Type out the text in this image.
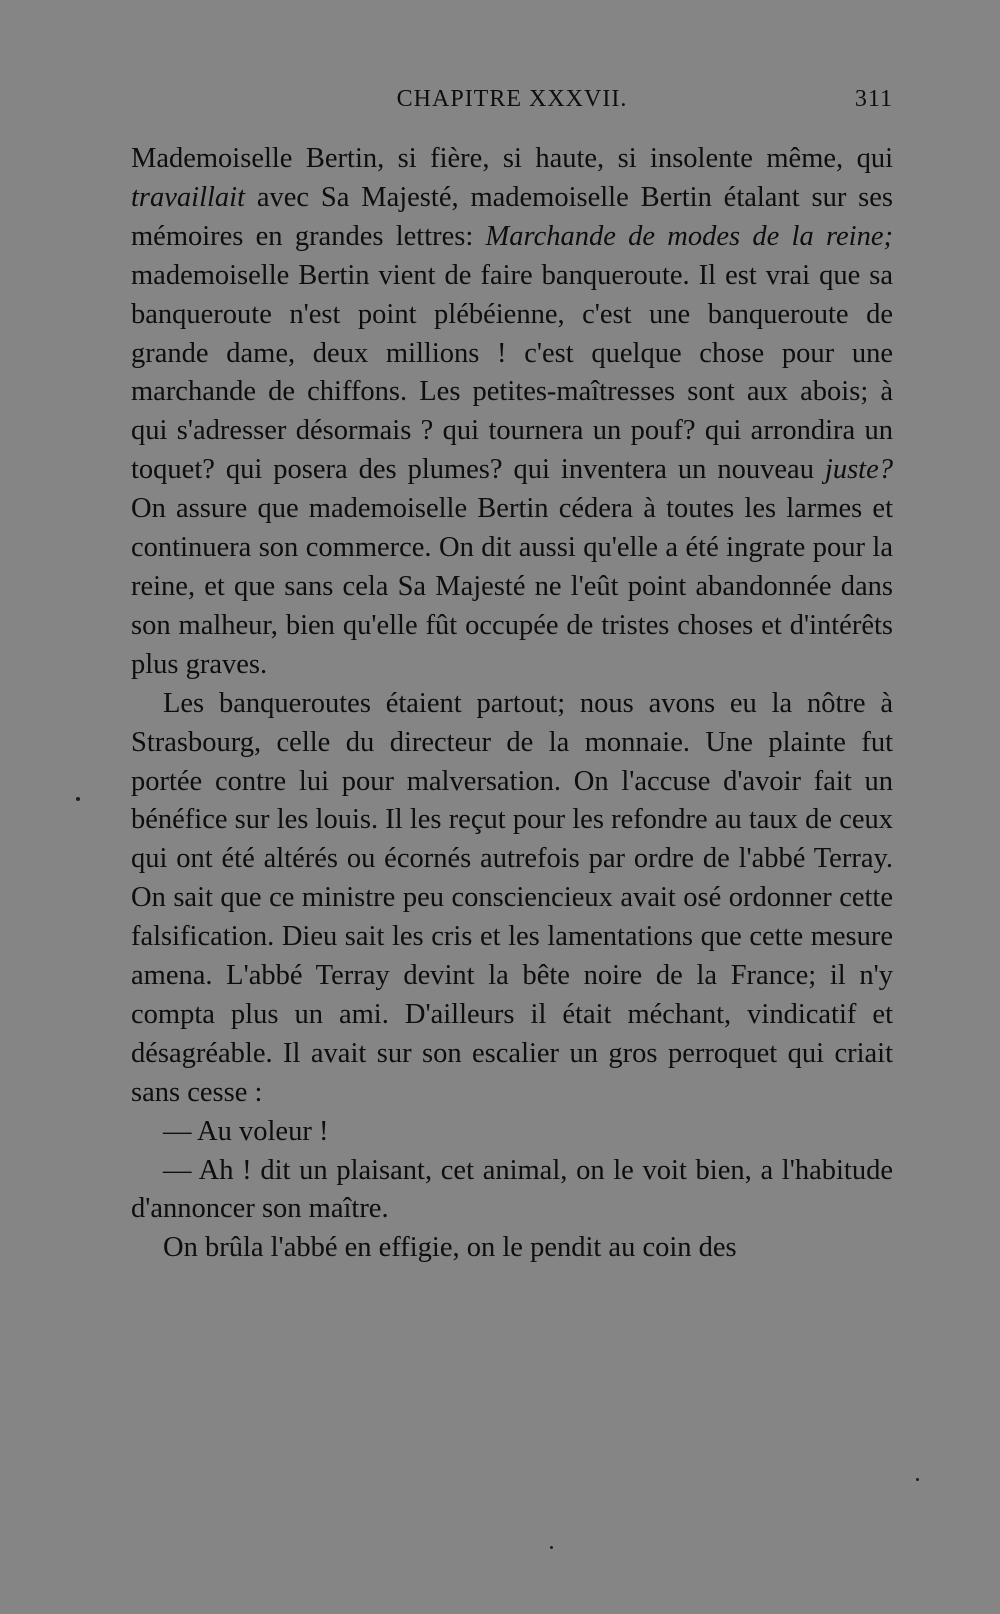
CHAPITRE XXXVII.	311

Mademoiselle Bertin, si fière, si haute, si insolente même, qui travaillait avec Sa Majesté, mademoiselle Bertin étalant sur ses mémoires en grandes lettres: Marchande de modes de la reine; mademoiselle Bertin vient de faire banqueroute. Il est vrai que sa banqueroute n'est point plébéienne, c'est une banqueroute de grande dame, deux millions ! c'est quelque chose pour une marchande de chiffons. Les petites-maîtresses sont aux abois; à qui s'adresser désormais ? qui tournera un pouf? qui arrondira un toquet? qui posera des plumes? qui inventera un nouveau juste? On assure que mademoiselle Bertin cédera à toutes les larmes et continuera son commerce. On dit aussi qu'elle a été ingrate pour la reine, et que sans cela Sa Majesté ne l'eût point abandonnée dans son malheur, bien qu'elle fût occupée de tristes choses et d'intérêts plus graves.

Les banqueroutes étaient partout; nous avons eu la nôtre à Strasbourg, celle du directeur de la monnaie. Une plainte fut portée contre lui pour malversation. On l'accuse d'avoir fait un bénéfice sur les louis. Il les reçut pour les refondre au taux de ceux qui ont été altérés ou écornés autrefois par ordre de l'abbé Terray. On sait que ce ministre peu consciencieux avait osé ordonner cette falsification. Dieu sait les cris et les lamentations que cette mesure amena. L'abbé Terray devint la bête noire de la France; il n'y compta plus un ami. D'ailleurs il était méchant, vindicatif et désagréable. Il avait sur son escalier un gros perroquet qui criait sans cesse :

— Au voleur !

— Ah ! dit un plaisant, cet animal, on le voit bien, a l'habitude d'annoncer son maître.

On brûla l'abbé en effigie, on le pendit au coin des
